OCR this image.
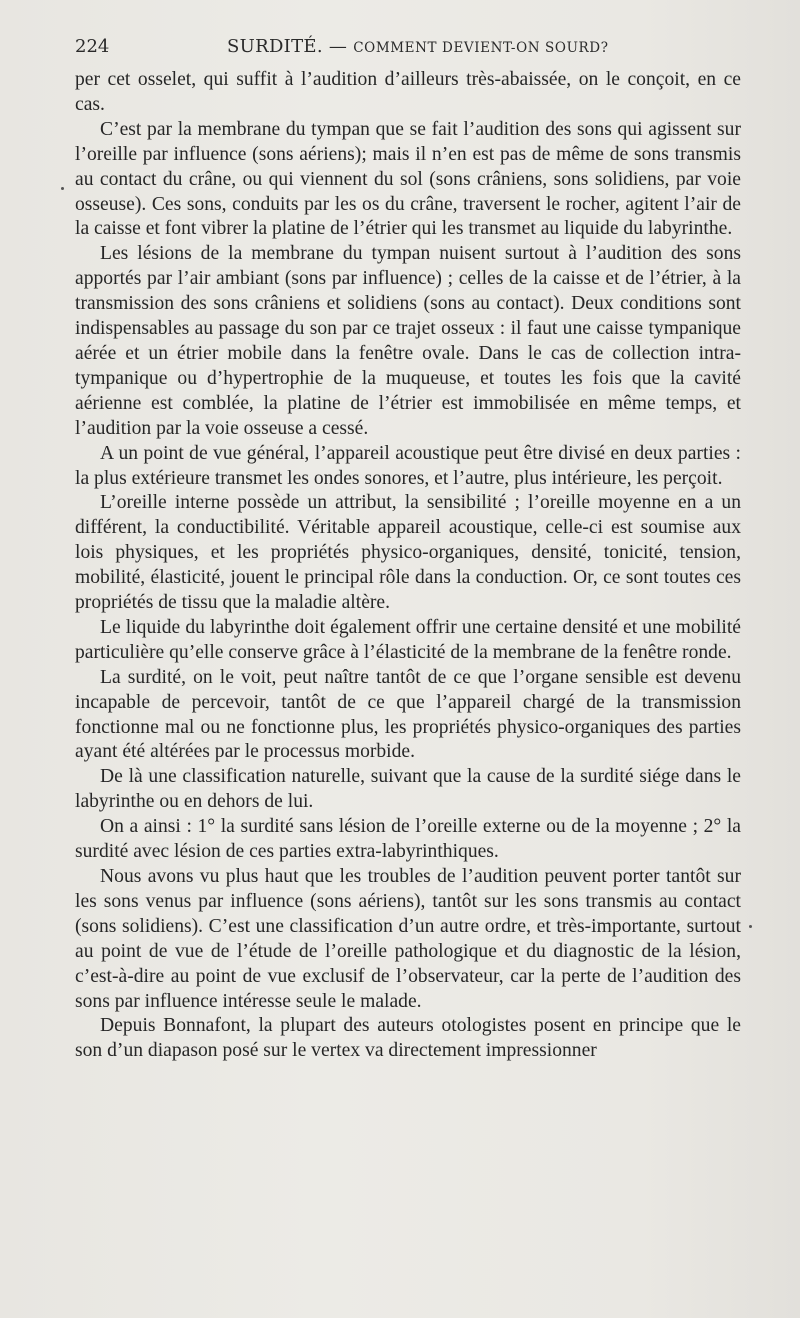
224	SURDITÉ. — COMMENT DEVIENT-ON SOURD?

per cet osselet, qui suffit à l’audition d’ailleurs très-abaissée, on le conçoit, en ce cas.

C’est par la membrane du tympan que se fait l’audition des sons qui agissent sur l’oreille par influence (sons aériens); mais il n’en est pas de même de sons transmis au contact du crâne, ou qui viennent du sol (sons crâniens, sons solidiens, par voie osseuse). Ces sons, conduits par les os du crâne, traversent le rocher, agitent l’air de la caisse et font vibrer la platine de l’étrier qui les transmet au liquide du labyrinthe.

Les lésions de la membrane du tympan nuisent surtout à l’audition des sons apportés par l’air ambiant (sons par influence) ; celles de la caisse et de l’étrier, à la transmission des sons crâniens et solidiens (sons au contact). Deux conditions sont indispensables au passage du son par ce trajet osseux : il faut une caisse tympanique aérée et un étrier mobile dans la fenêtre ovale. Dans le cas de collection intra-tympanique ou d’hypertrophie de la muqueuse, et toutes les fois que la cavité aérienne est comblée, la platine de l’étrier est immobilisée en même temps, et l’audition par la voie osseuse a cessé.

A un point de vue général, l’appareil acoustique peut être divisé en deux parties : la plus extérieure transmet les ondes sonores, et l’autre, plus intérieure, les perçoit.

L’oreille interne possède un attribut, la sensibilité ; l’oreille moyenne en a un différent, la conductibilité. Véritable appareil acoustique, celle-ci est soumise aux lois physiques, et les propriétés physico-organiques, densité, tonicité, tension, mobilité, élasticité, jouent le principal rôle dans la conduction. Or, ce sont toutes ces propriétés de tissu que la maladie altère.

Le liquide du labyrinthe doit également offrir une certaine densité et une mobilité particulière qu’elle conserve grâce à l’élasticité de la membrane de la fenêtre ronde.

La surdité, on le voit, peut naître tantôt de ce que l’organe sensible est devenu incapable de percevoir, tantôt de ce que l’appareil chargé de la transmission fonctionne mal ou ne fonctionne plus, les propriétés physico-organiques des parties ayant été altérées par le processus morbide.

De là une classification naturelle, suivant que la cause de la surdité siége dans le labyrinthe ou en dehors de lui.

On a ainsi : 1° la surdité sans lésion de l’oreille externe ou de la moyenne ; 2° la surdité avec lésion de ces parties extra-labyrinthiques.

Nous avons vu plus haut que les troubles de l’audition peuvent porter tantôt sur les sons venus par influence (sons aériens), tantôt sur les sons transmis au contact (sons solidiens). C’est une classification d’un autre ordre, et très-importante, surtout au point de vue de l’étude de l’oreille pathologique et du diagnostic de la lésion, c’est-à-dire au point de vue exclusif de l’observateur, car la perte de l’audition des sons par influence intéresse seule le malade.

Depuis Bonnafont, la plupart des auteurs otologistes posent en principe que le son d’un diapason posé sur le vertex va directement impressionner
